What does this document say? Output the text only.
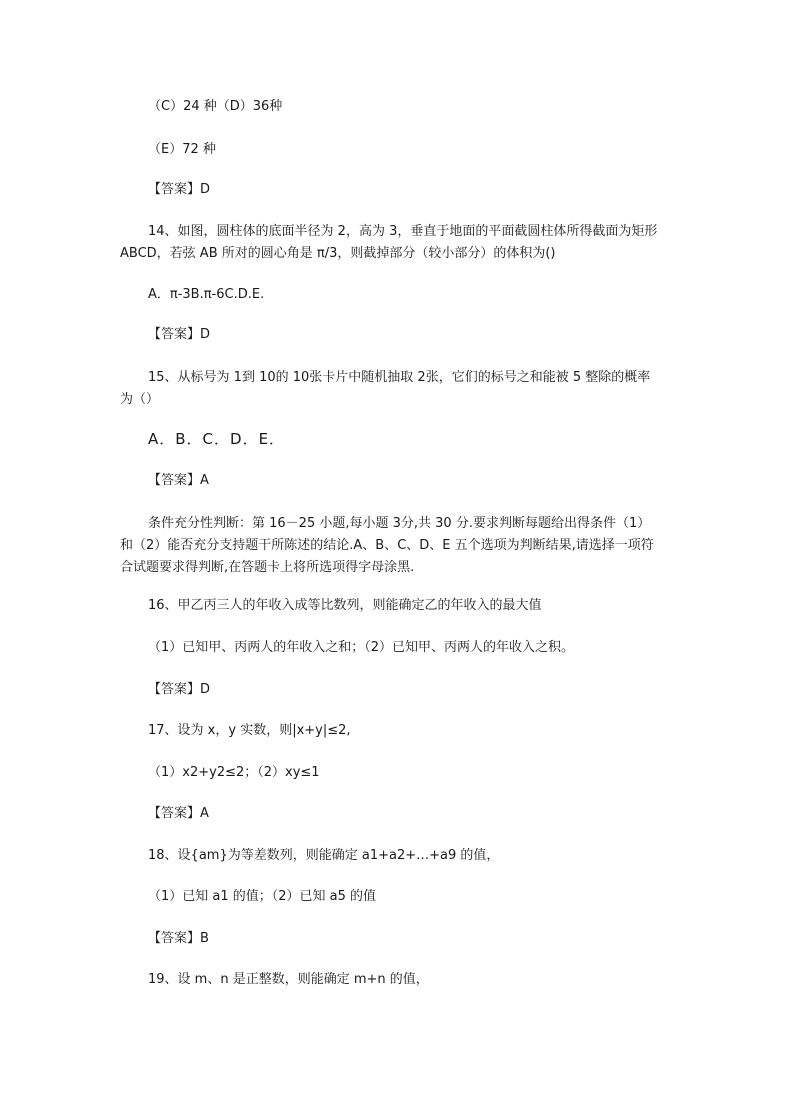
（C）24 种（D）36种
（E）72 种
【答案】D
14、如图，圆柱体的底面半径为 2，高为 3，垂直于地面的平面截圆柱体所得截面为矩形 ABCD，若弦 AB 所对的圆心角是 π/3，则截掉部分（较小部分）的体积为()
A．π-3B.π-6C.D.E.
【答案】D
15、从标号为 1到 10的 10张卡片中随机抽取 2张，它们的标号之和能被 5 整除的概率为（）
A．B．C．D．E．
【答案】A
条件充分性判断：第 16－25 小题,每小题 3分,共 30 分.要求判断每题给出得条件（1）和（2）能否充分支持题干所陈述的结论.A、B、C、D、E 五个选项为判断结果,请选择一项符合试题要求得判断,在答题卡上将所选项得字母涂黑.
16、甲乙丙三人的年收入成等比数列，则能确定乙的年收入的最大值
（1）已知甲、丙两人的年收入之和；（2）已知甲、丙两人的年收入之积。
【答案】D
17、设为 x，y 实数，则|x+y|≤2,
（1）x2+y2≤2；（2）xy≤1
【答案】A
18、设{am}为等差数列，则能确定 a1+a2+…+a9 的值，
（1）已知 a1 的值；（2）已知 a5 的值
【答案】B
19、设 m、n 是正整数，则能确定 m+n 的值，
